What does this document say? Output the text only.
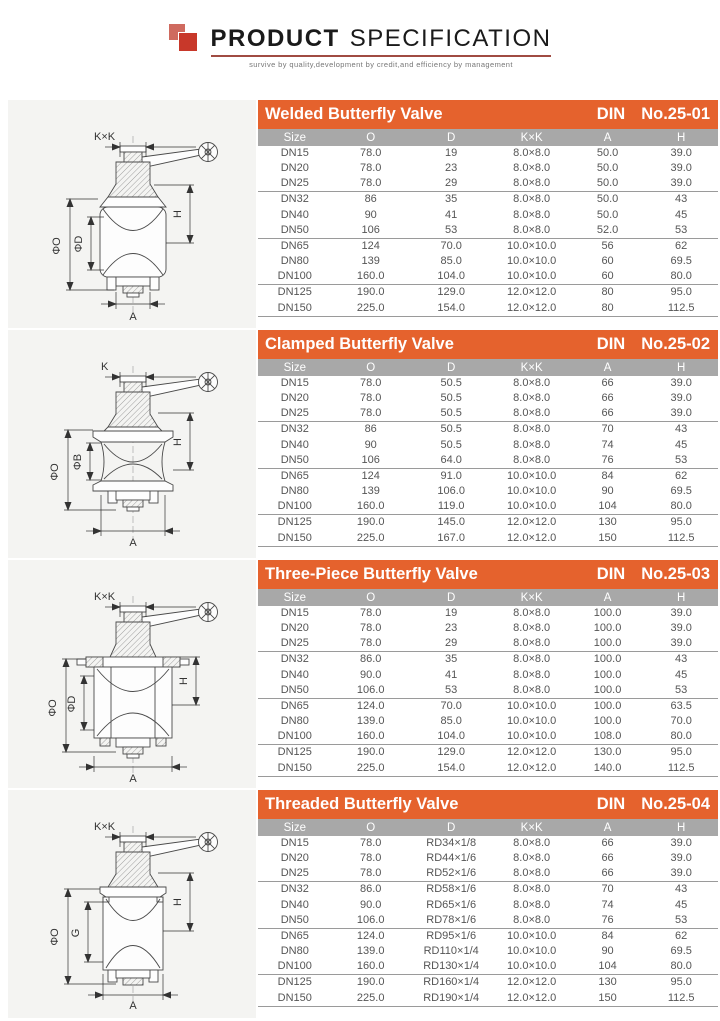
PRODUCT SPECIFICATION
survive by quality,development by credit,and efficiency by management
K×K
ΦO ΦD
H
A
Welded Butterfly Valve	DIN No.25-01
Size	O	D	K×K	A	H
DN15	78.0	19	8.0×8.0	50.0	39.0
DN20	78.0	23	8.0×8.0	50.0	39.0
DN25	78.0	29	8.0×8.0	50.0	39.0
DN32	86	35	8.0×8.0	50.0	43
DN40	90	41	8.0×8.0	50.0	45
DN50	106	53	8.0×8.0	52.0	53
DN65	124	70.0	10.0×10.0	56	62
DN80	139	85.0	10.0×10.0	60	69.5
DN100	160.0	104.0	10.0×10.0	60	80.0
DN125	190.0	129.0	12.0×12.0	80	95.0
DN150	225.0	154.0	12.0×12.0	80	112.5
K
ΦO
ΦB
H
A
Clamped Butterfly Valve	DIN No.25-02
Size	O	D	K×K	A	H
DN15	78.0	50.5	8.0×8.0	66	39.0
DN20	78.0	50.5	8.0×8.0	66	39.0
DN25	78.0	50.5	8.0×8.0	66	39.0
DN32	86	50.5	8.0×8.0	70	43
DN40	90	50.5	8.0×8.0	74	45
DN50	106	64.0	8.0×8.0	76	53
DN65	124	91.0	10.0×10.0	84	62
DN80	139	106.0	10.0×10.0	90	69.5
DN100	160.0	119.0	10.0×10.0	104	80.0
DN125	190.0	145.0	12.0×12.0	130	95.0
DN150	225.0	167.0	12.0×12.0	150	112.5
K×K
ΦO ΦD
H
A
Three-Piece Butterfly Valve	DIN No.25-03
Size	O	D	K×K	A	H
DN15	78.0	19	8.0×8.0	100.0	39.0
DN20	78.0	23	8.0×8.0	100.0	39.0
DN25	78.0	29	8.0×8.0	100.0	39.0
DN32	86.0	35	8.0×8.0	100.0	43
DN40	90.0	41	8.0×8.0	100.0	45
DN50	106.0	53	8.0×8.0	100.0	53
DN65	124.0	70.0	10.0×10.0	100.0	63.5
DN80	139.0	85.0	10.0×10.0	100.0	70.0
DN100	160.0	104.0	10.0×10.0	108.0	80.0
DN125	190.0	129.0	12.0×12.0	130.0	95.0
DN150	225.0	154.0	12.0×12.0	140.0	112.5
K×K
ΦO G
H
A
Threaded Butterfly Valve	DIN No.25-04
Size	O	D	K×K	A	H
DN15	78.0	RD34×1/8	8.0×8.0	66	39.0
DN20	78.0	RD44×1/6	8.0×8.0	66	39.0
DN25	78.0	RD52×1/6	8.0×8.0	66	39.0
DN32	86.0	RD58×1/6	8.0×8.0	70	43
DN40	90.0	RD65×1/6	8.0×8.0	74	45
DN50	106.0	RD78×1/6	8.0×8.0	76	53
DN65	124.0	RD95×1/6	10.0×10.0	84	62
DN80	139.0	RD110×1/4	10.0×10.0	90	69.5
DN100	160.0	RD130×1/4	10.0×10.0	104	80.0
DN125	190.0	RD160×1/4	12.0×12.0	130	95.0
DN150	225.0	RD190×1/4	12.0×12.0	150	112.5
